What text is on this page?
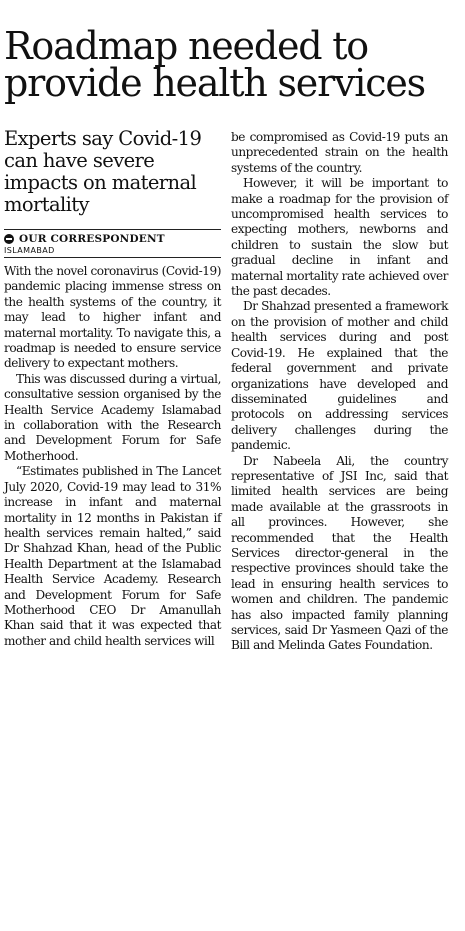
Roadmap needed to provide health services
Experts say Covid-19 can have severe impacts on maternal mortality
OUR CORRESPONDENT
ISLAMABAD

With the novel coronavirus (Covid-19) pandemic placing immense stress on the health systems of the country, it may lead to higher infant and maternal mortality. To navigate this, a roadmap is needed to ensure service delivery to expectant mothers.

This was discussed during a virtual, consultative session organised by the Health Service Academy Islamabad in collaboration with the Research and Development Forum for Safe Motherhood.

“Estimates published in The Lancet July 2020, Covid-19 may lead to 31% increase in infant and maternal mortality in 12 months in Pakistan if health services remain halted,” said Dr Shahzad Khan, head of the Public Health Department at the Islamabad Health Service Academy. Research and Development Forum for Safe Motherhood CEO Dr Amanullah Khan said that it was expected that mother and child health services will

be compromised as Covid-19 puts an unprecedented strain on the health systems of the country.

However, it will be important to make a roadmap for the provision of uncompromised health services to expecting mothers, newborns and children to sustain the slow but gradual decline in infant and maternal mortality rate achieved over the past decades.

Dr Shahzad presented a framework on the provision of mother and child health services during and post Covid-19. He explained that the federal government and private organizations have developed and disseminated guidelines and protocols on addressing services delivery challenges during the pandemic.

Dr Nabeela Ali, the country representative of JSI Inc, said that limited health services are being made available at the grassroots in all provinces. However, she recommended that the Health Services director-general in the respective provinces should take the lead in ensuring health services to women and children. The pandemic has also impacted family planning services, said Dr Yasmeen Qazi of the Bill and Melinda Gates Foundation.
